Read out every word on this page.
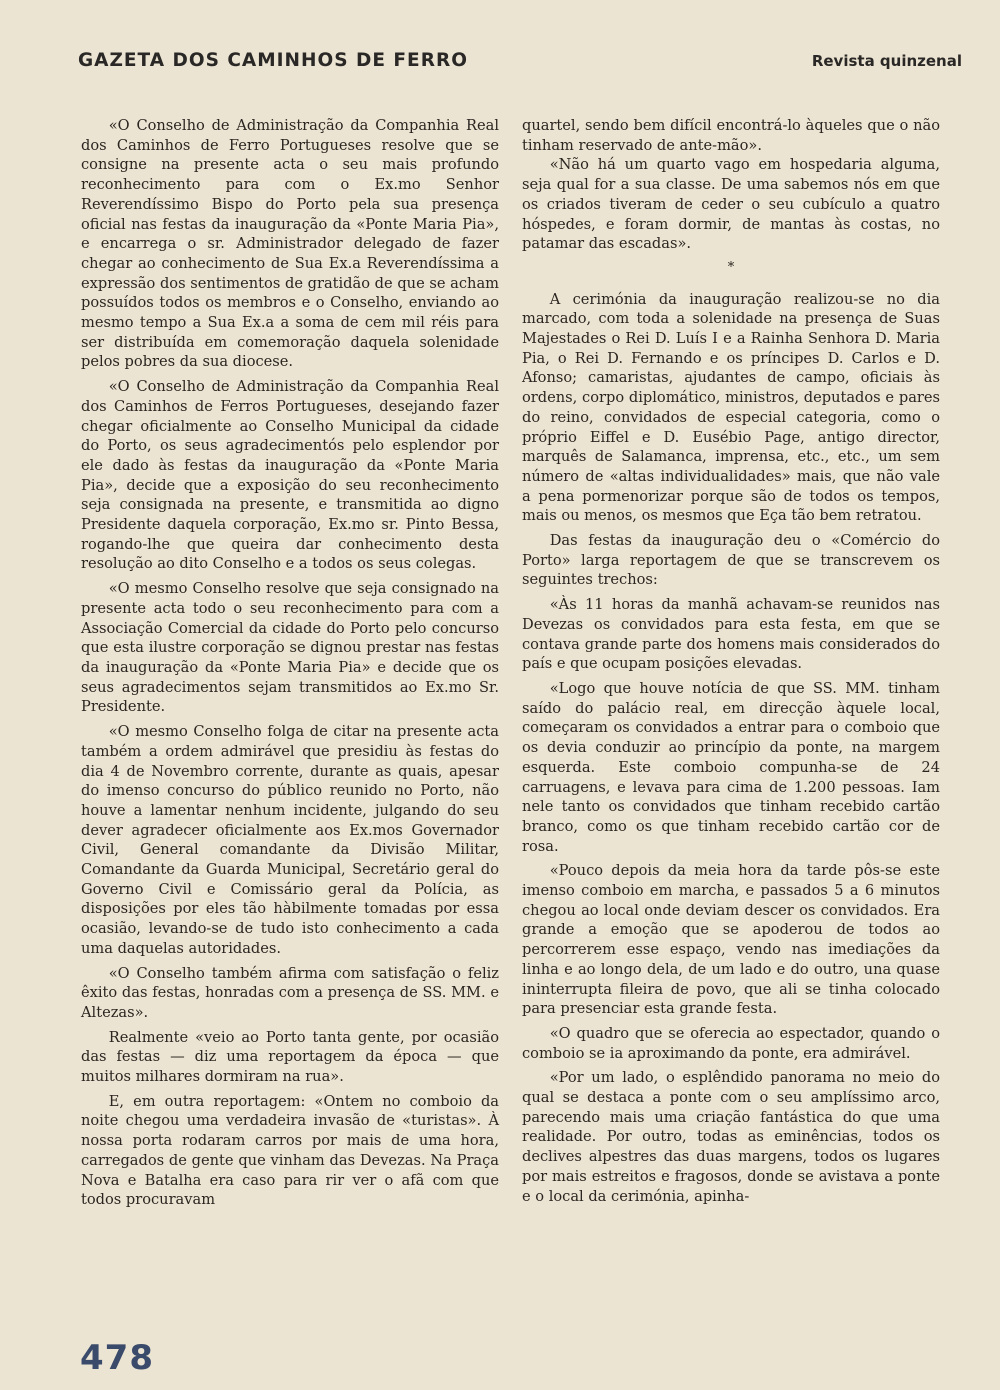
GAZETA DOS CAMINHOS DE FERRO	Revista quinzenal

«O Conselho de Administração da Companhia Real dos Caminhos de Ferro Portugueses resolve que se consigne na presente acta o seu mais profundo reconhecimento para com o Ex.mo Senhor Reverendíssimo Bispo do Porto pela sua presença oficial nas festas da inauguração da «Ponte Maria Pia», e encarrega o sr. Administrador delegado de fazer chegar ao conhecimento de Sua Ex.a Reverendíssima a expressão dos sentimentos de gratidão de que se acham possuídos todos os membros e o Conselho, enviando ao mesmo tempo a Sua Ex.a a soma de cem mil réis para ser distribuída em comemoração daquela solenidade pelos pobres da sua diocese.

«O Conselho de Administração da Companhia Real dos Caminhos de Ferros Portugueses, desejando fazer chegar oficialmente ao Conselho Municipal da cidade do Porto, os seus agradecimentós pelo esplendor por ele dado às festas da inauguração da «Ponte Maria Pia», decide que a exposição do seu reconhecimento seja consignada na presente, e transmitida ao digno Presidente daquela corporação, Ex.mo sr. Pinto Bessa, rogando-lhe que queira dar conhecimento desta resolução ao dito Conselho e a todos os seus colegas.

«O mesmo Conselho resolve que seja consignado na presente acta todo o seu reconhecimento para com a Associação Comercial da cidade do Porto pelo concurso que esta ilustre corporação se dignou prestar nas festas da inauguração da «Ponte Maria Pia» e decide que os seus agradecimentos sejam transmitidos ao Ex.mo Sr. Presidente.

«O mesmo Conselho folga de citar na presente acta também a ordem admirável que presidiu às festas do dia 4 de Novembro corrente, durante as quais, apesar do imenso concurso do público reunido no Porto, não houve a lamentar nenhum incidente, julgando do seu dever agradecer oficialmente aos Ex.mos Governador Civil, General comandante da Divisão Militar, Comandante da Guarda Municipal, Secretário geral do Governo Civil e Comissário geral da Polícia, as disposições por eles tão hàbilmente tomadas por essa ocasião, levando-se de tudo isto conhecimento a cada uma daquelas autoridades.

«O Conselho também afirma com satisfação o feliz êxito das festas, honradas com a presença de SS. MM. e Altezas».

Realmente «veio ao Porto tanta gente, por ocasião das festas — diz uma reportagem da época — que muitos milhares dormiram na rua».

E, em outra reportagem: «Ontem no comboio da noite chegou uma verdadeira invasão de «turistas». À nossa porta rodaram carros por mais de uma hora, carregados de gente que vinham das Devezas. Na Praça Nova e Batalha era caso para rir ver o afã com que todos procuravam

quartel, sendo bem difícil encontrá-lo àqueles que o não tinham reservado de ante-mão».

«Não há um quarto vago em hospedaria alguma, seja qual for a sua classe. De uma sabemos nós em que os criados tiveram de ceder o seu cubículo a quatro hóspedes, e foram dormir, de mantas às costas, no patamar das escadas».

*

A cerimónia da inauguração realizou-se no dia marcado, com toda a solenidade na presença de Suas Majestades o Rei D. Luís I e a Rainha Senhora D. Maria Pia, o Rei D. Fernando e os príncipes D. Carlos e D. Afonso; camaristas, ajudantes de campo, oficiais às ordens, corpo diplomático, ministros, deputados e pares do reino, convidados de especial categoria, como o próprio Eiffel e D. Eusébio Page, antigo director, marquês de Salamanca, imprensa, etc., etc., um sem número de «altas individualidades» mais, que não vale a pena pormenorizar porque são de todos os tempos, mais ou menos, os mesmos que Eça tão bem retratou.

Das festas da inauguração deu o «Comércio do Porto» larga reportagem de que se transcrevem os seguintes trechos:

«Às 11 horas da manhã achavam-se reunidos nas Devezas os convidados para esta festa, em que se contava grande parte dos homens mais considerados do país e que ocupam posições elevadas.

«Logo que houve notícia de que SS. MM. tinham saído do palácio real, em direcção àquele local, começaram os convidados a entrar para o comboio que os devia conduzir ao princípio da ponte, na margem esquerda. Este comboio compunha-se de 24 carruagens, e levava para cima de 1.200 pessoas. Iam nele tanto os convidados que tinham recebido cartão branco, como os que tinham recebido cartão cor de rosa.

«Pouco depois da meia hora da tarde pôs-se este imenso comboio em marcha, e passados 5 a 6 minutos chegou ao local onde deviam descer os convidados. Era grande a emoção que se apoderou de todos ao percorrerem esse espaço, vendo nas imediações da linha e ao longo dela, de um lado e do outro, una quase ininterrupta fileira de povo, que ali se tinha colocado para presenciar esta grande festa.

«O quadro que se oferecia ao espectador, quando o comboio se ia aproximando da ponte, era admirável.

«Por um lado, o esplêndido panorama no meio do qual se destaca a ponte com o seu amplíssimo arco, parecendo mais uma criação fantástica do que uma realidade. Por outro, todas as eminências, todos os declives alpestres das duas margens, todos os lugares por mais estreitos e fragosos, donde se avistava a ponte e o local da cerimónia, apinha-

478
